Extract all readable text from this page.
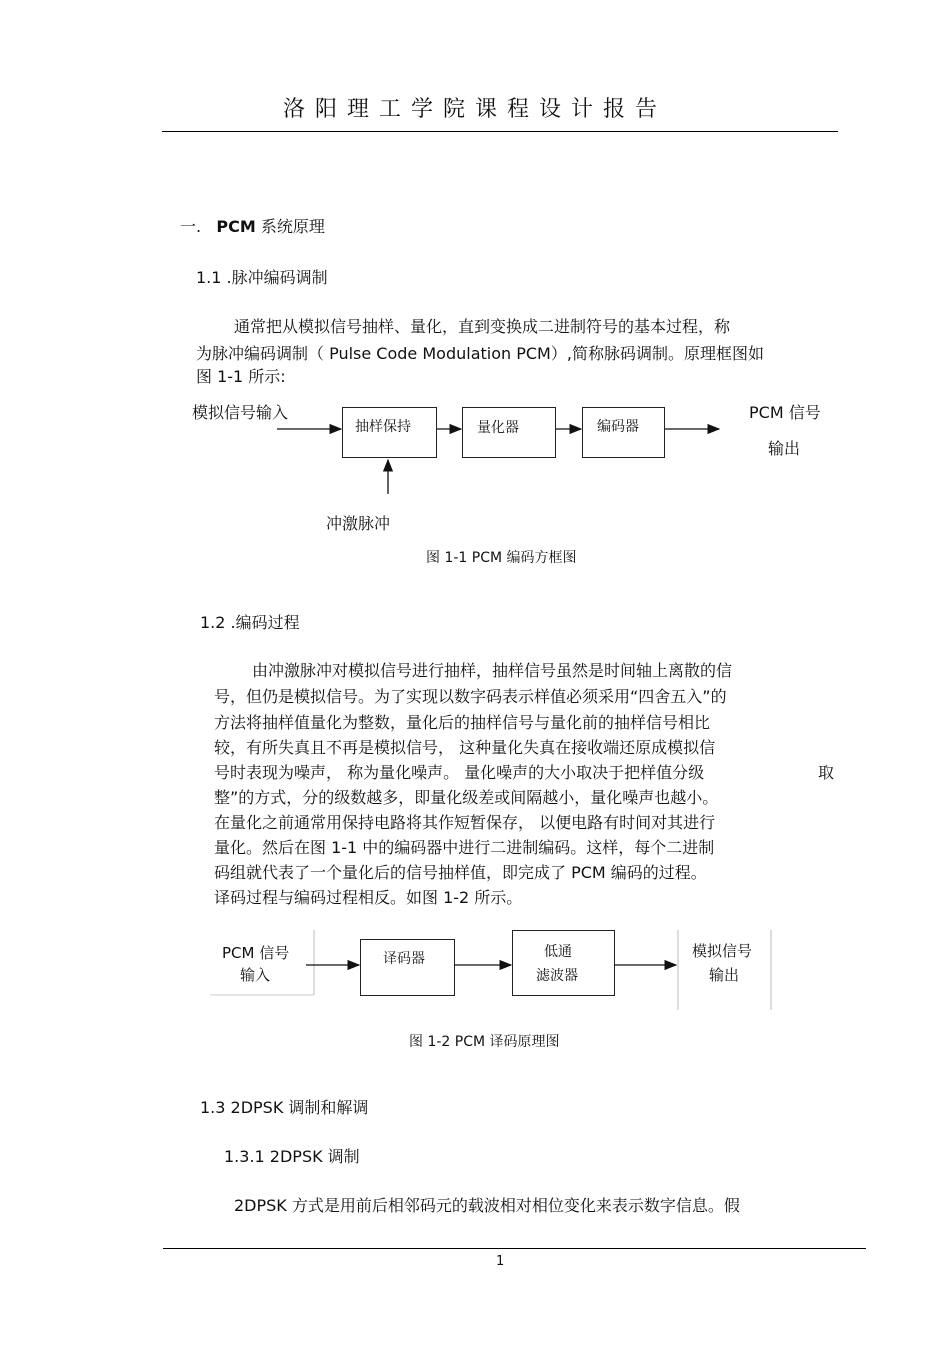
洛阳理工学院课程设计报告
一. PCM 系统原理
1.1 .脉冲编码调制
通常把从模拟信号抽样、量化，直到变换成二进制符号的基本过程，称
为脉冲编码调制（ Pulse Code Modulation PCM）,简称脉码调制。原理框图如
图 1-1 所示:
模拟信号输入
抽样保持	量化器	编码器
PCM 信号
输出
冲激脉冲
图 1-1 PCM 编码方框图
1.2 .编码过程
由冲激脉冲对模拟信号进行抽样，抽样信号虽然是时间轴上离散的信
号，但仍是模拟信号。为了实现以数字码表示样值必须采用“四舍五入”的
方法将抽样值量化为整数，量化后的抽样信号与量化前的抽样信号相比
较，有所失真且不再是模拟信号， 这种量化失真在接收端还原成模拟信
号时表现为噪声， 称为量化噪声。 量化噪声的大小取决于把样值分级	取
整”的方式，分的级数越多，即量化级差或间隔越小，量化噪声也越小。
在量化之前通常用保持电路将其作短暂保存， 以便电路有时间对其进行
量化。然后在图 1-1 中的编码器中进行二进制编码。这样，每个二进制
码组就代表了一个量化后的信号抽样值，即完成了 PCM 编码的过程。
译码过程与编码过程相反。如图 1-2 所示。
PCM 信号
输入
译码器	低通
滤波器
模拟信号
输出
图 1-2 PCM 译码原理图
1.3 2DPSK 调制和解调
1.3.1 2DPSK 调制
2DPSK 方式是用前后相邻码元的载波相对相位变化来表示数字信息。假
1
